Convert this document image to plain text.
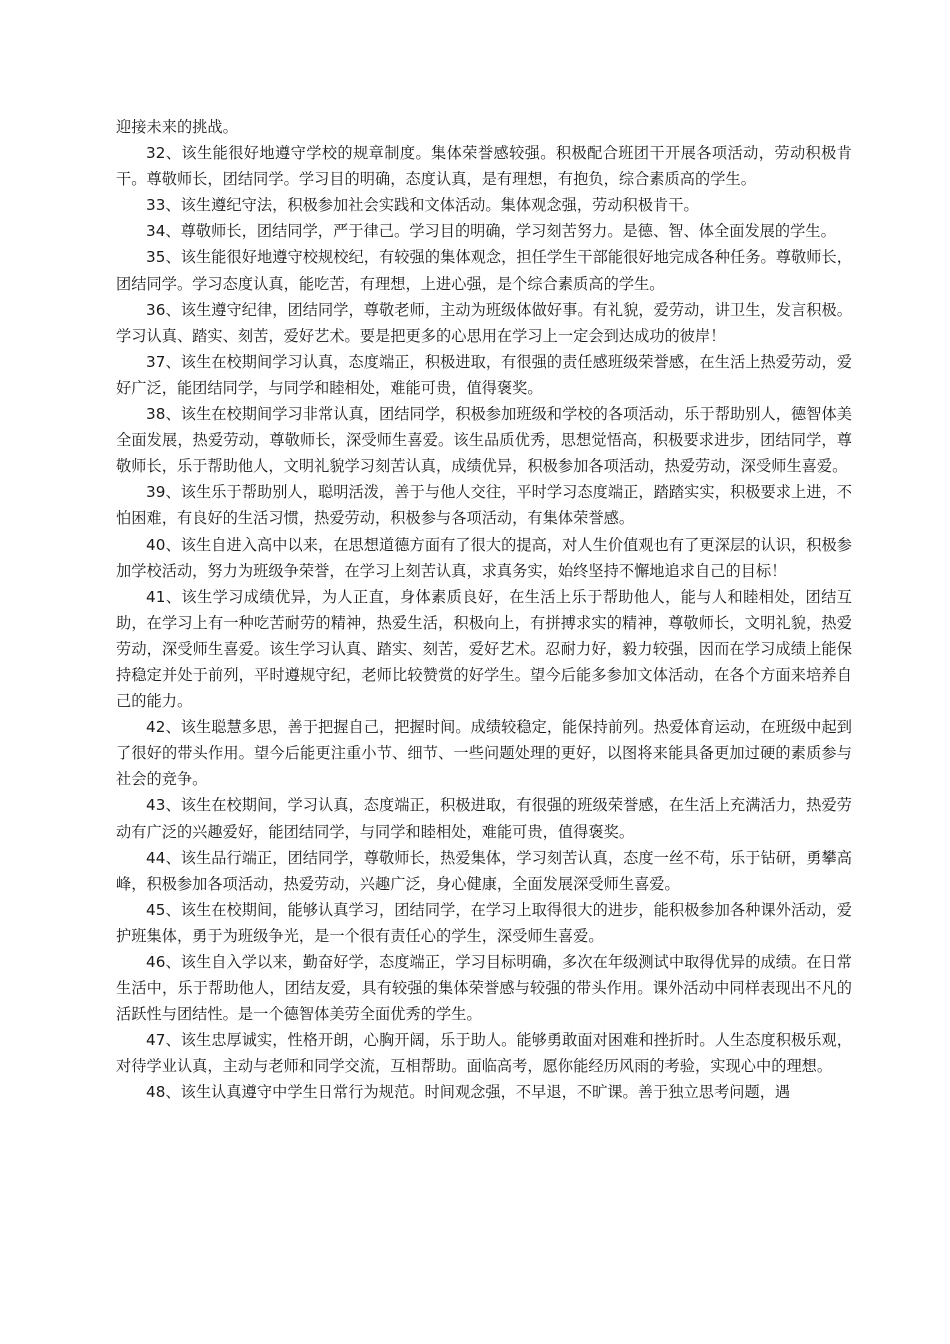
迎接未来的挑战。

32、该生能很好地遵守学校的规章制度。集体荣誉感较强。积极配合班团干开展各项活动，劳动积极肯干。尊敬师长，团结同学。学习目的明确，态度认真，是有理想，有抱负，综合素质高的学生。

33、该生遵纪守法，积极参加社会实践和文体活动。集体观念强，劳动积极肯干。

34、尊敬师长，团结同学，严于律己。学习目的明确，学习刻苦努力。是德、智、体全面发展的学生。

35、该生能很好地遵守校规校纪，有较强的集体观念，担任学生干部能很好地完成各种任务。尊敬师长，团结同学。学习态度认真，能吃苦，有理想，上进心强，是个综合素质高的学生。

36、该生遵守纪律，团结同学，尊敬老师，主动为班级体做好事。有礼貌，爱劳动，讲卫生，发言积极。学习认真、踏实、刻苦，爱好艺术。要是把更多的心思用在学习上一定会到达成功的彼岸！

37、该生在校期间学习认真，态度端正，积极进取，有很强的责任感班级荣誉感，在生活上热爱劳动，爱好广泛，能团结同学，与同学和睦相处，难能可贵，值得褒奖。

38、该生在校期间学习非常认真，团结同学，积极参加班级和学校的各项活动，乐于帮助别人，德智体美全面发展，热爱劳动，尊敬师长，深受师生喜爱。该生品质优秀，思想觉悟高，积极要求进步，团结同学，尊敬师长，乐于帮助他人，文明礼貌学习刻苦认真，成绩优异，积极参加各项活动，热爱劳动，深受师生喜爱。

39、该生乐于帮助别人，聪明活泼，善于与他人交往，平时学习态度端正，踏踏实实，积极要求上进，不怕困难，有良好的生活习惯，热爱劳动，积极参与各项活动，有集体荣誉感。

40、该生自进入高中以来，在思想道德方面有了很大的提高，对人生价值观也有了更深层的认识，积极参加学校活动，努力为班级争荣誉，在学习上刻苦认真，求真务实，始终坚持不懈地追求自己的目标！

41、该生学习成绩优异，为人正直，身体素质良好，在生活上乐于帮助他人，能与人和睦相处，团结互助，在学习上有一种吃苦耐劳的精神，热爱生活，积极向上，有拼搏求实的精神，尊敬师长，文明礼貌，热爱劳动，深受师生喜爱。该生学习认真、踏实、刻苦，爱好艺术。忍耐力好，毅力较强，因而在学习成绩上能保持稳定并处于前列，平时遵规守纪，老师比较赞赏的好学生。望今后能多参加文体活动，在各个方面来培养自己的能力。

42、该生聪慧多思，善于把握自己，把握时间。成绩较稳定，能保持前列。热爱体育运动，在班级中起到了很好的带头作用。望今后能更注重小节、细节、一些问题处理的更好，以图将来能具备更加过硬的素质参与社会的竞争。

43、该生在校期间，学习认真，态度端正，积极进取，有很强的班级荣誉感，在生活上充满活力，热爱劳动有广泛的兴趣爱好，能团结同学，与同学和睦相处，难能可贵，值得褒奖。

44、该生品行端正，团结同学，尊敬师长，热爱集体，学习刻苦认真，态度一丝不苟，乐于钻研，勇攀高峰，积极参加各项活动，热爱劳动，兴趣广泛，身心健康，全面发展深受师生喜爱。

45、该生在校期间，能够认真学习，团结同学，在学习上取得很大的进步，能积极参加各种课外活动，爱护班集体，勇于为班级争光，是一个很有责任心的学生，深受师生喜爱。

46、该生自入学以来，勤奋好学，态度端正，学习目标明确，多次在年级测试中取得优异的成绩。在日常生活中，乐于帮助他人，团结友爱，具有较强的集体荣誉感与较强的带头作用。课外活动中同样表现出不凡的活跃性与团结性。是一个德智体美劳全面优秀的学生。

47、该生忠厚诚实，性格开朗，心胸开阔，乐于助人。能够勇敢面对困难和挫折时。人生态度积极乐观，对待学业认真，主动与老师和同学交流，互相帮助。面临高考，愿你能经历风雨的考验，实现心中的理想。

48、该生认真遵守中学生日常行为规范。时间观念强，不早退，不旷课。善于独立思考问题，遇
